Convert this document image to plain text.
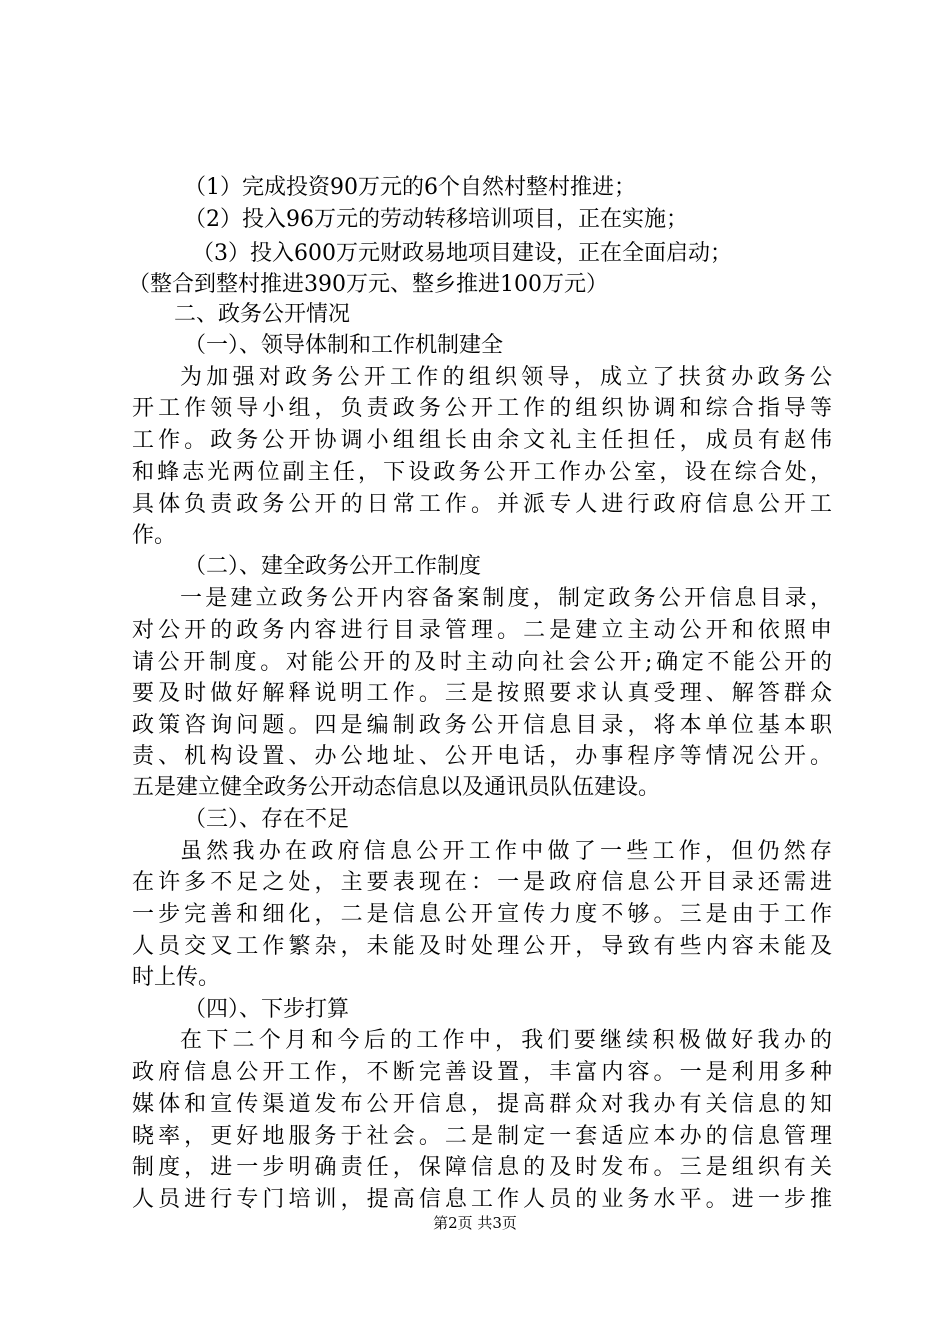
（1）完成投资90万元的6个自然村整村推进；
（2）投入96万元的劳动转移培训项目，正在实施；
（3）投入600万元财政易地项目建设，正在全面启动；
（整合到整村推进390万元、整乡推进100万元）
二、政务公开情况
（一）、领导体制和工作机制建全
为加强对政务公开工作的组织领导，成立了扶贫办政务公
开工作领导小组，负责政务公开工作的组织协调和综合指导等
工作。政务公开协调小组组长由余文礼主任担任，成员有赵伟
和蜂志光两位副主任，下设政务公开工作办公室，设在综合处，
具体负责政务公开的日常工作。并派专人进行政府信息公开工
作。
（二）、建全政务公开工作制度
一是建立政务公开内容备案制度，制定政务公开信息目录，
对公开的政务内容进行目录管理。二是建立主动公开和依照申
请公开制度。对能公开的及时主动向社会公开;确定不能公开的
要及时做好解释说明工作。三是按照要求认真受理、解答群众
政策咨询问题。四是编制政务公开信息目录，将本单位基本职
责、机构设置、办公地址、公开电话，办事程序等情况公开。
五是建立健全政务公开动态信息以及通讯员队伍建设。
（三）、存在不足
虽然我办在政府信息公开工作中做了一些工作，但仍然存
在许多不足之处，主要表现在：一是政府信息公开目录还需进
一步完善和细化，二是信息公开宣传力度不够。三是由于工作
人员交叉工作繁杂，未能及时处理公开，导致有些内容未能及
时上传。
（四）、下步打算
在下二个月和今后的工作中，我们要继续积极做好我办的
政府信息公开工作，不断完善设置，丰富内容。一是利用多种
媒体和宣传渠道发布公开信息，提高群众对我办有关信息的知
晓率，更好地服务于社会。二是制定一套适应本办的信息管理
制度，进一步明确责任，保障信息的及时发布。三是组织有关
人员进行专门培训，提高信息工作人员的业务水平。进一步推
第2页 共3页
